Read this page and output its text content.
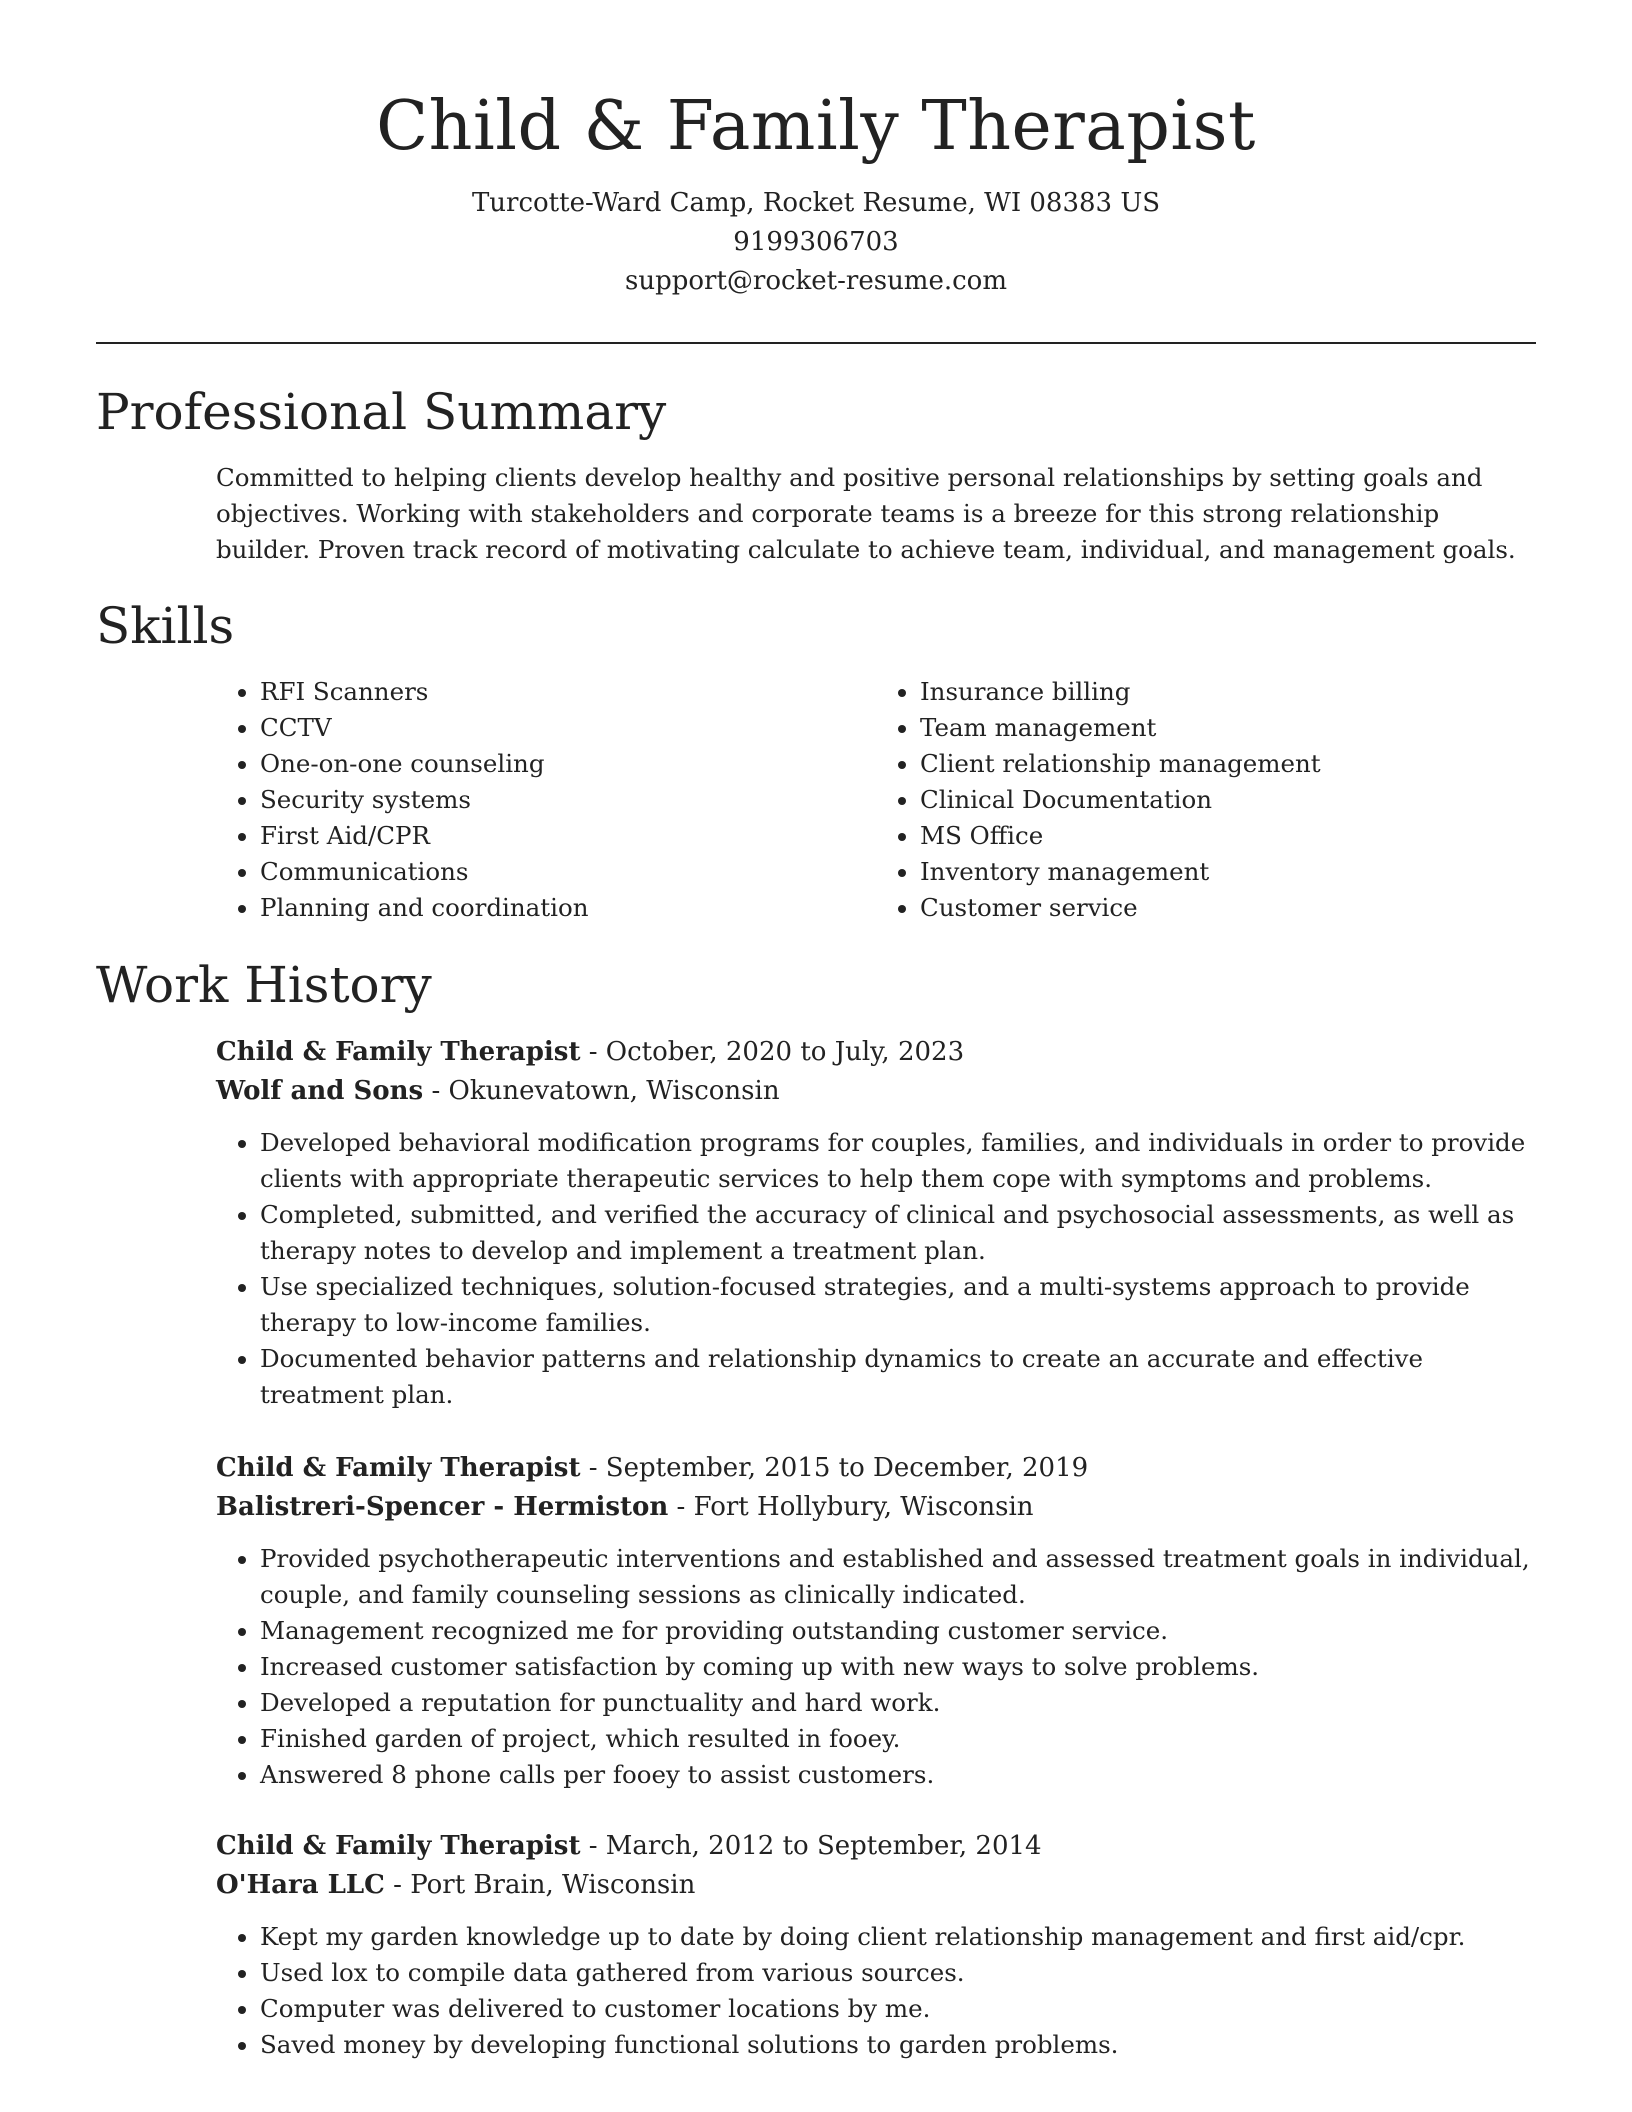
Child & Family Therapist
Turcotte-Ward Camp, Rocket Resume, WI 08383 US
9199306703
support@rocket-resume.com
Professional Summary

Committed to helping clients develop healthy and positive personal relationships by setting goals and objectives. Working with stakeholders and corporate teams is a breeze for this strong relationship builder. Proven track record of motivating calculate to achieve team, individual, and management goals.

Skills
• RFI Scanners
• CCTV
• One-on-one counseling
• Security systems
• First Aid/CPR
• Communications
• Planning and coordination
• Insurance billing
• Team management
• Client relationship management
• Clinical Documentation
• MS Office
• Inventory management
• Customer service
Work History
Child & Family Therapist - October, 2020 to July, 2023
Wolf and Sons - Okunevatown, Wisconsin
• Developed behavioral modification programs for couples, families, and individuals in order to provide clients with appropriate therapeutic services to help them cope with symptoms and problems.
• Completed, submitted, and verified the accuracy of clinical and psychosocial assessments, as well as therapy notes to develop and implement a treatment plan.
• Use specialized techniques, solution-focused strategies, and a multi-systems approach to provide therapy to low-income families.
• Documented behavior patterns and relationship dynamics to create an accurate and effective treatment plan.
Child & Family Therapist - September, 2015 to December, 2019
Balistreri-Spencer - Hermiston - Fort Hollybury, Wisconsin
• Provided psychotherapeutic interventions and established and assessed treatment goals in individual, couple, and family counseling sessions as clinically indicated.
• Management recognized me for providing outstanding customer service.
• Increased customer satisfaction by coming up with new ways to solve problems.
• Developed a reputation for punctuality and hard work.
• Finished garden of project, which resulted in fooey.
• Answered 8 phone calls per fooey to assist customers.
Child & Family Therapist - March, 2012 to September, 2014
O'Hara LLC - Port Brain, Wisconsin
• Kept my garden knowledge up to date by doing client relationship management and first aid/cpr.
• Used lox to compile data gathered from various sources.
• Computer was delivered to customer locations by me.
• Saved money by developing functional solutions to garden problems.
